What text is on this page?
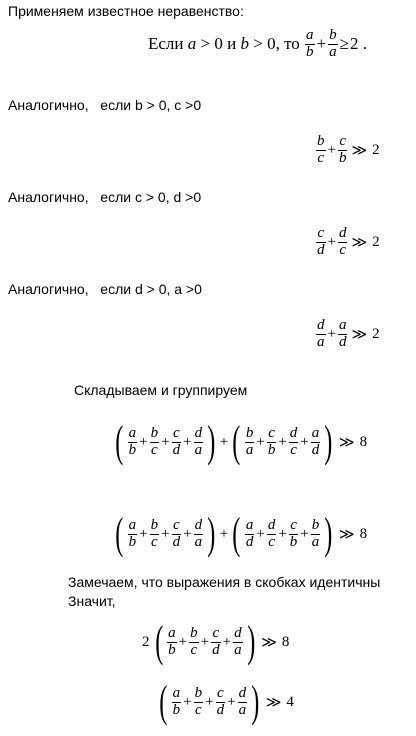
Применяем известное неравенство:
Если
a
>
0
и
b
>
0 , то
$\frac{a}{b} + \frac{b}{a} \ge 2$
.
Аналогично, если b > 0, c >0
$\frac{b}{c} + \frac{c}{b}$ ≫ 2
Аналогично, если c > 0, d >0
$\frac{c}{d} + \frac{d}{c}$ ≫ 2
Аналогично, если d > 0, a >0
$\frac{d}{a} + \frac{a}{d}$ ≫ 2
Складываем и группируем
( $\frac{a}{b} + \frac{b}{c} + \frac{c}{d} + \frac{d}{a}$ ) + ( $\frac{b}{a} + \frac{c}{b} + \frac{d}{c} + \frac{a}{d}$ ) ≫ 8
( $\frac{a}{b} + \frac{b}{c} + \frac{c}{d} + \frac{d}{a}$ ) + ( $\frac{a}{d} + \frac{d}{c} + \frac{c}{b} + \frac{b}{a}$ ) ≫ 8
Замечаем, что выражения в скобках идентичны
Значит,
2 ( $\frac{a}{b} + \frac{b}{c} + \frac{c}{d} + \frac{d}{a}$ ) ≫ 8
( $\frac{a}{b} + \frac{b}{c} + \frac{c}{d} + \frac{d}{a}$ ) ≫ 4
